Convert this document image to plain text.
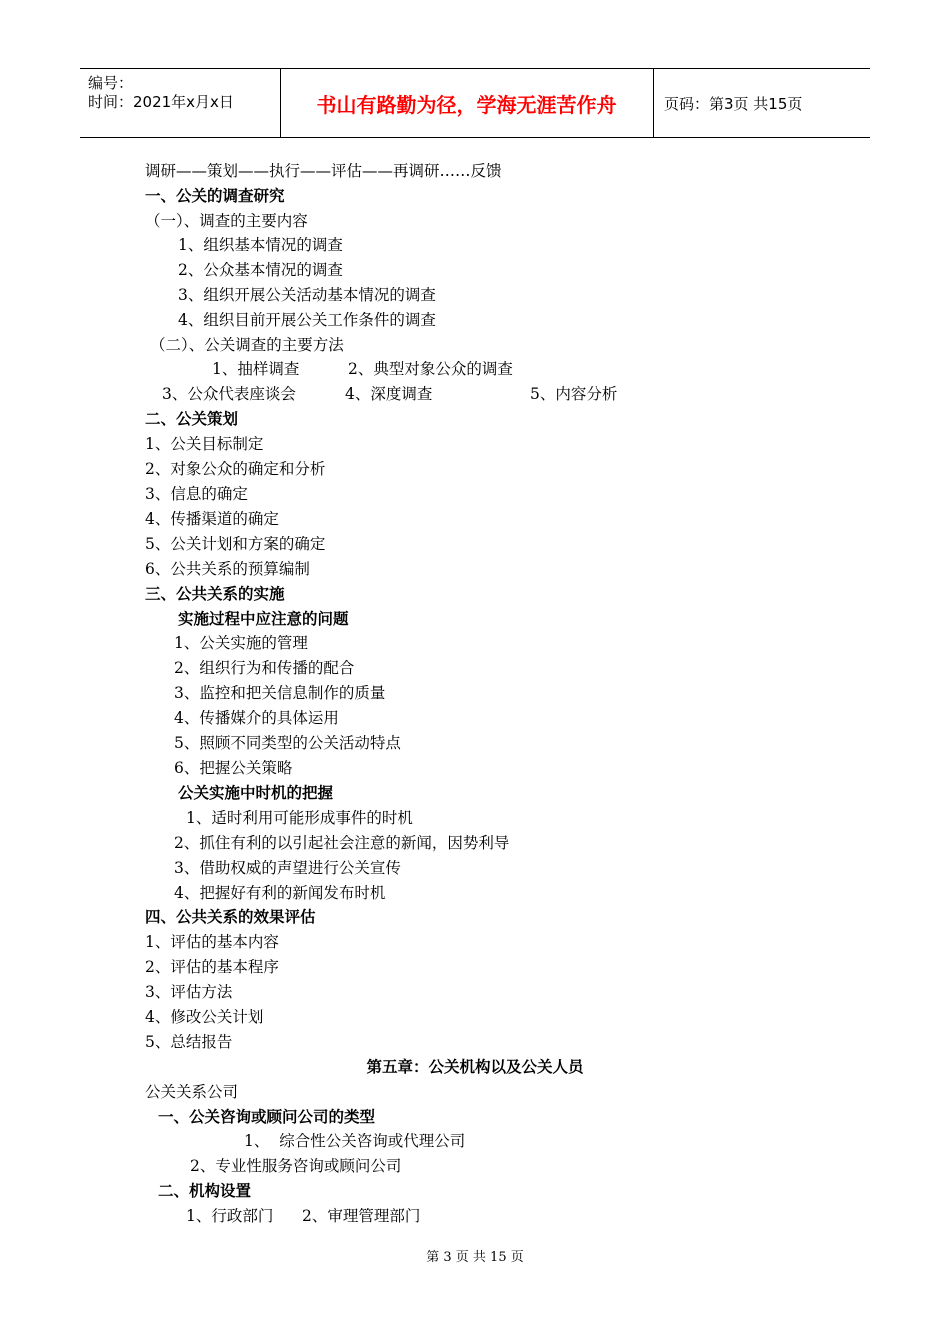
编号：
时间：2021年x月x日	书山有路勤为径，学海无涯苦作舟	页码：第3页 共15页
调研——策划——执行——评估——再调研……反馈
一、公关的调查研究
（一）、调查的主要内容
1、组织基本情况的调查
2、公众基本情况的调查
3、组织开展公关活动基本情况的调查
4、组织目前开展公关工作条件的调查
（二）、公关调查的主要方法
1、抽样调查	2、典型对象公众的调查
3、公众代表座谈会	4、深度调查	5、内容分析
二、公关策划
1、公关目标制定
2、对象公众的确定和分析
3、信息的确定
4、传播渠道的确定
5、公关计划和方案的确定
6、公共关系的预算编制
三、公共关系的实施
实施过程中应注意的问题
1、公关实施的管理
2、组织行为和传播的配合
3、监控和把关信息制作的质量
4、传播媒介的具体运用
5、照顾不同类型的公关活动特点
6、把握公关策略
公关实施中时机的把握
1、适时利用可能形成事件的时机
2、抓住有利的以引起社会注意的新闻，因势利导
3、借助权威的声望进行公关宣传
4、把握好有利的新闻发布时机
四、公共关系的效果评估
1、评估的基本内容
2、评估的基本程序
3、评估方法
4、修改公关计划
5、总结报告
第五章：公关机构以及公关人员
公关关系公司
一、公关咨询或顾问公司的类型
1、  综合性公关咨询或代理公司
2、专业性服务咨询或顾问公司
二、机构设置
1、行政部门 2、审理管理部门
第 3 页 共 15 页
